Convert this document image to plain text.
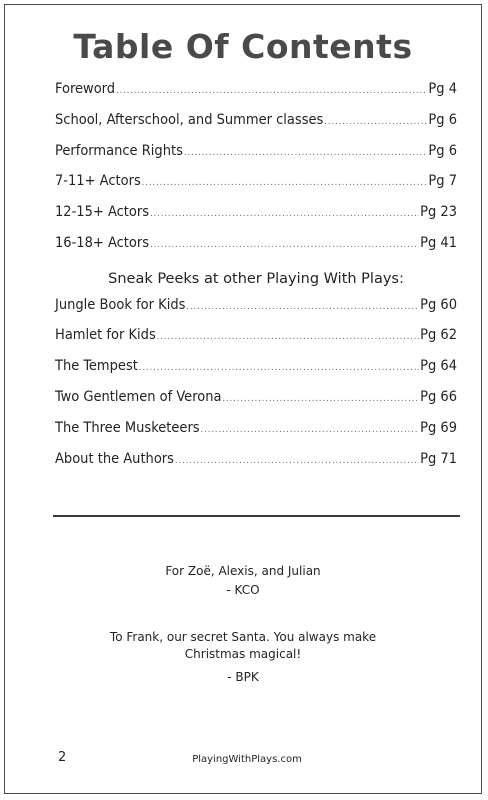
Table Of Contents
Foreword .....	Pg 4
School, Afterschool, and Summer classes .....	Pg 6
Performance Rights .....	Pg 6
7-11+ Actors .....	Pg 7
12-15+ Actors .....	Pg 23
16-18+ Actors .....	Pg 41
Sneak Peeks at other Playing With Plays:
Jungle Book for Kids .....	Pg 60
Hamlet for Kids .....	Pg 62
The Tempest .....	Pg 64
Two Gentlemen of Verona .....	Pg 66
The Three Musketeers .....	Pg 69
About the Authors .....	Pg 71
For Zoë, Alexis, and Julian
- KCO
To Frank, our secret Santa. You always make
Christmas magical!
- BPK
2	PlayingWithPlays.com
